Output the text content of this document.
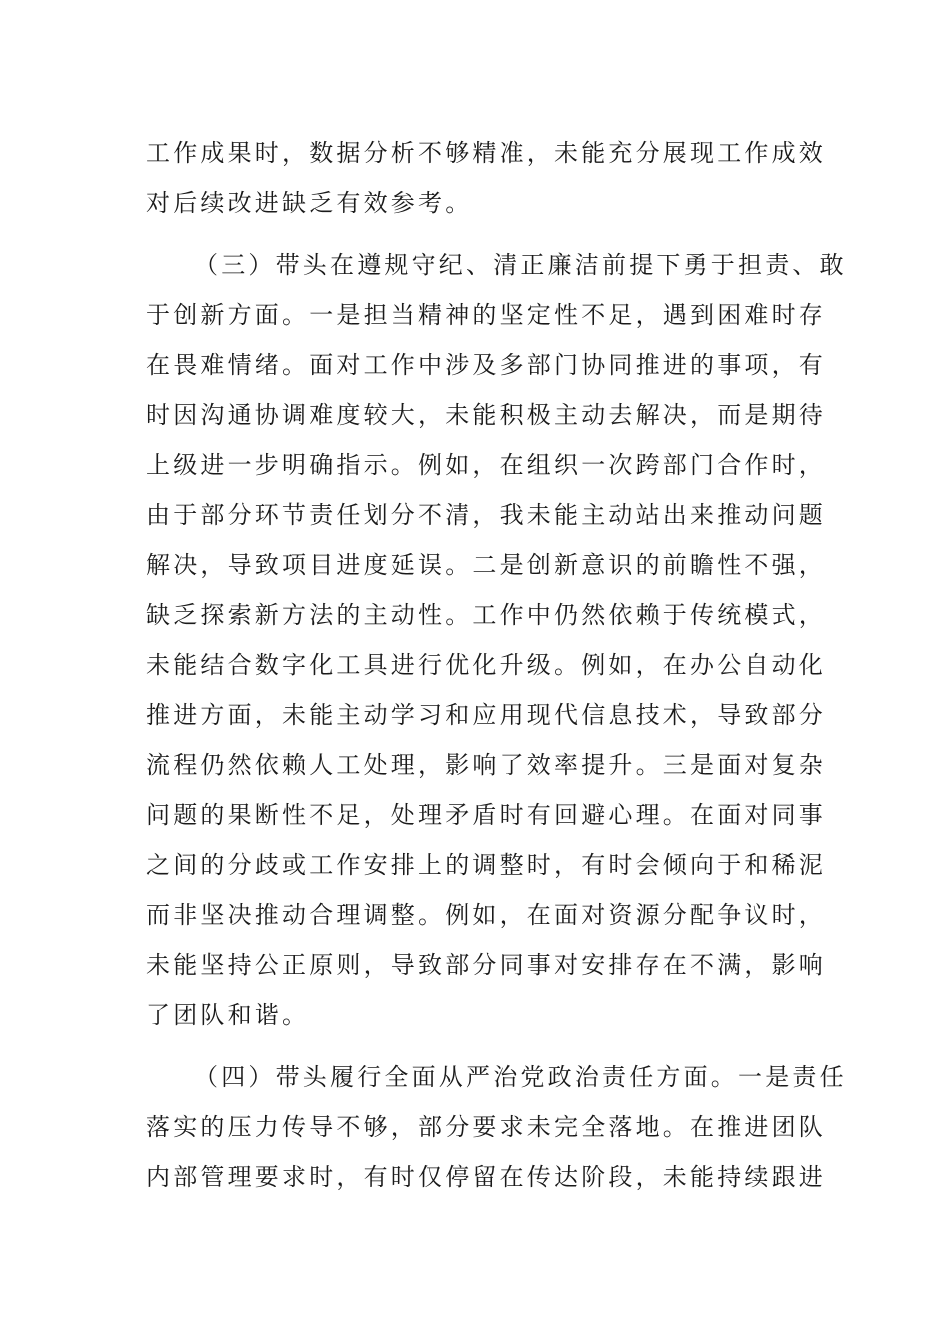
工作成果时，数据分析不够精准，未能充分展现工作成效
对后续改进缺乏有效参考。

（三）带头在遵规守纪、清正廉洁前提下勇于担责、敢
于创新方面。一是担当精神的坚定性不足，遇到困难时存
在畏难情绪。面对工作中涉及多部门协同推进的事项，有
时因沟通协调难度较大，未能积极主动去解决，而是期待
上级进一步明确指示。例如，在组织一次跨部门合作时，
由于部分环节责任划分不清，我未能主动站出来推动问题
解决，导致项目进度延误。二是创新意识的前瞻性不强，
缺乏探索新方法的主动性。工作中仍然依赖于传统模式，
未能结合数字化工具进行优化升级。例如，在办公自动化
推进方面，未能主动学习和应用现代信息技术，导致部分
流程仍然依赖人工处理，影响了效率提升。三是面对复杂
问题的果断性不足，处理矛盾时有回避心理。在面对同事
之间的分歧或工作安排上的调整时，有时会倾向于和稀泥
而非坚决推动合理调整。例如，在面对资源分配争议时，
未能坚持公正原则，导致部分同事对安排存在不满，影响
了团队和谐。

（四）带头履行全面从严治党政治责任方面。一是责任
落实的压力传导不够，部分要求未完全落地。在推进团队
内部管理要求时，有时仅停留在传达阶段，未能持续跟进
